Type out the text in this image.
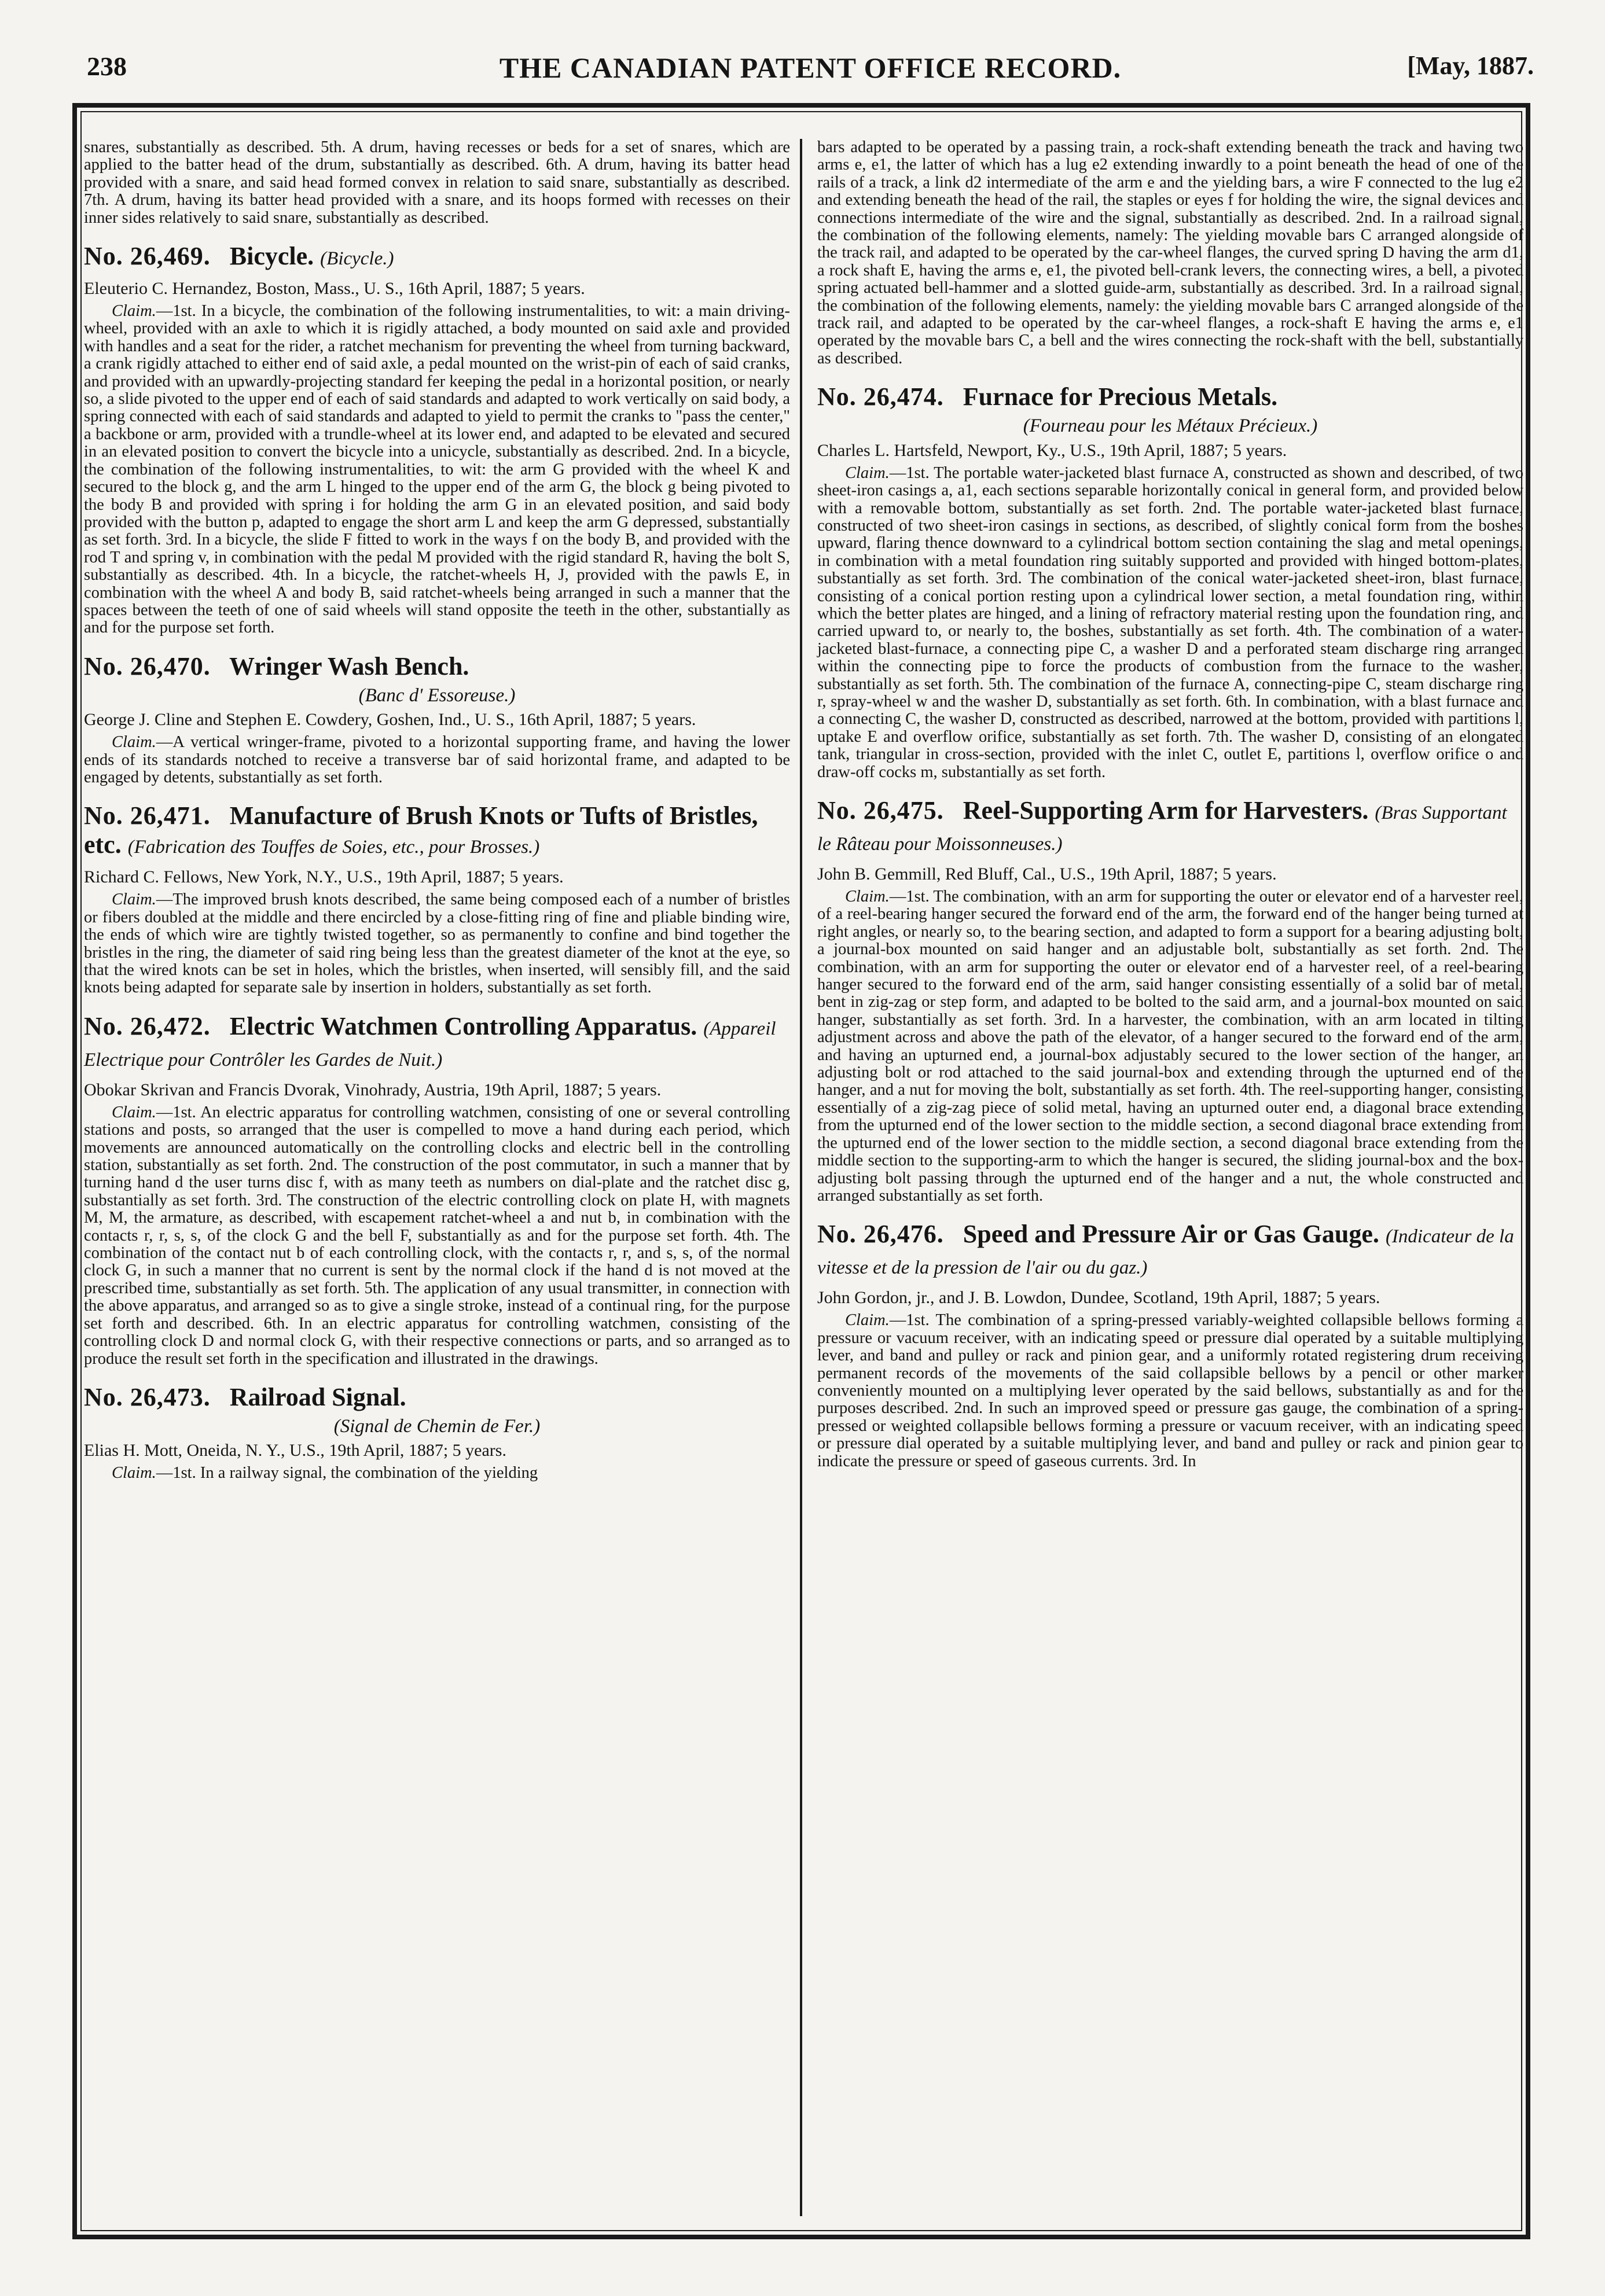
238	THE CANADIAN PATENT OFFICE RECORD.	[May, 1887.

snares, substantially as described. 5th. A drum, having recesses or beds for a set of snares, which are applied to the batter head of the drum, substantially as described. 6th. A drum, having its batter head provided with a snare, and said head formed convex in relation to said snare, substantially as described. 7th. A drum, having its batter head provided with a snare, and its hoops formed with recesses on their inner sides relatively to said snare, substantially as described.

No. 26,469. Bicycle. (Bicycle.)

Eleuterio C. Hernandez, Boston, Mass., U. S., 16th April, 1887; 5 years.

Claim.—1st. In a bicycle, the combination of the following instrumentalities, to wit: a main driving-wheel, provided with an axle to which it is rigidly attached, a body mounted on said axle and provided with handles and a seat for the rider, a ratchet mechanism for preventing the wheel from turning backward, a crank rigidly attached to either end of said axle, a pedal mounted on the wrist-pin of each of said cranks, and provided with an upwardly-projecting standard fer keeping the pedal in a horizontal position, or nearly so, a slide pivoted to the upper end of each of said standards and adapted to work vertically on said body, a spring connected with each of said standards and adapted to yield to permit the cranks to "pass the center," a backbone or arm, provided with a trundle-wheel at its lower end, and adapted to be elevated and secured in an elevated position to convert the bicycle into a unicycle, substantially as described. 2nd. In a bicycle, the combination of the following instrumentalities, to wit: the arm G provided with the wheel K and secured to the block g, and the arm L hinged to the upper end of the arm G, the block g being pivoted to the body B and provided with spring i for holding the arm G in an elevated position, and said body provided with the button p, adapted to engage the short arm L and keep the arm G depressed, substantially as set forth. 3rd. In a bicycle, the slide F fitted to work in the ways f on the body B, and provided with the rod T and spring v, in combination with the pedal M provided with the rigid standard R, having the bolt S, substantially as described. 4th. In a bicycle, the ratchet-wheels H, J, provided with the pawls E, in combination with the wheel A and body B, said ratchet-wheels being arranged in such a manner that the spaces between the teeth of one of said wheels will stand opposite the teeth in the other, substantially as and for the purpose set forth.

No. 26,470. Wringer Wash Bench.
(Banc d' Essoreuse.)

George J. Cline and Stephen E. Cowdery, Goshen, Ind., U. S., 16th April, 1887; 5 years.

Claim.—A vertical wringer-frame, pivoted to a horizontal supporting frame, and having the lower ends of its standards notched to receive a transverse bar of said horizontal frame, and adapted to be engaged by detents, substantially as set forth.

No. 26,471. Manufacture of Brush Knots or Tufts of Bristles, etc. (Fabrication des Touffes de Soies, etc., pour Brosses.)

Richard C. Fellows, New York, N.Y., U.S., 19th April, 1887; 5 years.

Claim.—The improved brush knots described, the same being composed each of a number of bristles or fibers doubled at the middle and there encircled by a close-fitting ring of fine and pliable binding wire, the ends of which wire are tightly twisted together, so as permanently to confine and bind together the bristles in the ring, the diameter of said ring being less than the greatest diameter of the knot at the eye, so that the wired knots can be set in holes, which the bristles, when inserted, will sensibly fill, and the said knots being adapted for separate sale by insertion in holders, substantially as set forth.

No. 26,472. Electric Watchmen Controlling Apparatus. (Appareil Electrique pour Contrôler les Gardes de Nuit.)

Obokar Skrivan and Francis Dvorak, Vinohrady, Austria, 19th April, 1887; 5 years.

Claim.—1st. An electric apparatus for controlling watchmen, consisting of one or several controlling stations and posts, so arranged that the user is compelled to move a hand during each period, which movements are announced automatically on the controlling clocks and electric bell in the controlling station, substantially as set forth. 2nd. The construction of the post commutator, in such a manner that by turning hand d the user turns disc f, with as many teeth as numbers on dial-plate and the ratchet disc g, substantially as set forth. 3rd. The construction of the electric controlling clock on plate H, with magnets M, M, the armature, as described, with escapement ratchet-wheel a and nut b, in combination with the contacts r, r, s, s, of the clock G and the bell F, substantially as and for the purpose set forth. 4th. The combination of the contact nut b of each controlling clock, with the contacts r, r, and s, s, of the normal clock G, in such a manner that no current is sent by the normal clock if the hand d is not moved at the prescribed time, substantially as set forth. 5th. The application of any usual transmitter, in connection with the above apparatus, and arranged so as to give a single stroke, instead of a continual ring, for the purpose set forth and described. 6th. In an electric apparatus for controlling watchmen, consisting of the controlling clock D and normal clock G, with their respective connections or parts, and so arranged as to produce the result set forth in the specification and illustrated in the drawings.

No. 26,473. Railroad Signal.
(Signal de Chemin de Fer.)

Elias H. Mott, Oneida, N. Y., U.S., 19th April, 1887; 5 years.

Claim.—1st. In a railway signal, the combination of the yielding

bars adapted to be operated by a passing train, a rock-shaft extending beneath the track and having two arms e, e1, the latter of which has a lug e2 extending inwardly to a point beneath the head of one of the rails of a track, a link d2 intermediate of the arm e and the yielding bars, a wire F connected to the lug e2 and extending beneath the head of the rail, the staples or eyes f for holding the wire, the signal devices and connections intermediate of the wire and the signal, substantially as described. 2nd. In a railroad signal, the combination of the following elements, namely: The yielding movable bars C arranged alongside of the track rail, and adapted to be operated by the car-wheel flanges, the curved spring D having the arm d1, a rock shaft E, having the arms e, e1, the pivoted bell-crank levers, the connecting wires, a bell, a pivoted spring actuated bell-hammer and a slotted guide-arm, substantially as described. 3rd. In a railroad signal, the combination of the following elements, namely: the yielding movable bars C arranged alongside of the track rail, and adapted to be operated by the car-wheel flanges, a rock-shaft E having the arms e, e1 operated by the movable bars C, a bell and the wires connecting the rock-shaft with the bell, substantially as described.

No. 26,474. Furnace for Precious Metals.
(Fourneau pour les Métaux Précieux.)

Charles L. Hartsfeld, Newport, Ky., U.S., 19th April, 1887; 5 years.

Claim.—1st. The portable water-jacketed blast furnace A, constructed as shown and described, of two sheet-iron casings a, a1, each sections separable horizontally conical in general form, and provided below with a removable bottom, substantially as set forth. 2nd. The portable water-jacketed blast furnace, constructed of two sheet-iron casings in sections, as described, of slightly conical form from the boshes upward, flaring thence downward to a cylindrical bottom section containing the slag and metal openings, in combination with a metal foundation ring suitably supported and provided with hinged bottom-plates, substantially as set forth. 3rd. The combination of the conical water-jacketed sheet-iron, blast furnace, consisting of a conical portion resting upon a cylindrical lower section, a metal foundation ring, within which the better plates are hinged, and a lining of refractory material resting upon the foundation ring, and carried upward to, or nearly to, the boshes, substantially as set forth. 4th. The combination of a water-jacketed blast-furnace, a connecting pipe C, a washer D and a perforated steam discharge ring arranged within the connecting pipe to force the products of combustion from the furnace to the washer, substantially as set forth. 5th. The combination of the furnace A, connecting-pipe C, steam discharge ring r, spray-wheel w and the washer D, substantially as set forth. 6th. In combination, with a blast furnace and a connecting C, the washer D, constructed as described, narrowed at the bottom, provided with partitions l, uptake E and overflow orifice, substantially as set forth. 7th. The washer D, consisting of an elongated tank, triangular in cross-section, provided with the inlet C, outlet E, partitions l, overflow orifice o and draw-off cocks m, substantially as set forth.

No. 26,475. Reel-Supporting Arm for Harvesters. (Bras Supportant le Râteau pour Moissonneuses.)

John B. Gemmill, Red Bluff, Cal., U.S., 19th April, 1887; 5 years.

Claim.—1st. The combination, with an arm for supporting the outer or elevator end of a harvester reel, of a reel-bearing hanger secured the forward end of the arm, the forward end of the hanger being turned at right angles, or nearly so, to the bearing section, and adapted to form a support for a bearing adjusting bolt, a journal-box mounted on said hanger and an adjustable bolt, substantially as set forth. 2nd. The combination, with an arm for supporting the outer or elevator end of a harvester reel, of a reel-bearing hanger secured to the forward end of the arm, said hanger consisting essentially of a solid bar of metal, bent in zig-zag or step form, and adapted to be bolted to the said arm, and a journal-box mounted on said hanger, substantially as set forth. 3rd. In a harvester, the combination, with an arm located in tilting adjustment across and above the path of the elevator, of a hanger secured to the forward end of the arm, and having an upturned end, a journal-box adjustably secured to the lower section of the hanger, an adjusting bolt or rod attached to the said journal-box and extending through the upturned end of the hanger, and a nut for moving the bolt, substantially as set forth. 4th. The reel-supporting hanger, consisting essentially of a zig-zag piece of solid metal, having an upturned outer end, a diagonal brace extending from the upturned end of the lower section to the middle section, a second diagonal brace extending from the upturned end of the lower section to the middle section, a second diagonal brace extending from the middle section to the supporting-arm to which the hanger is secured, the sliding journal-box and the box-adjusting bolt passing through the upturned end of the hanger and a nut, the whole constructed and arranged substantially as set forth.

No. 26,476. Speed and Pressure Air or Gas Gauge. (Indicateur de la vitesse et de la pression de l'air ou du gaz.)

John Gordon, jr., and J. B. Lowdon, Dundee, Scotland, 19th April, 1887; 5 years.

Claim.—1st. The combination of a spring-pressed variably-weighted collapsible bellows forming a pressure or vacuum receiver, with an indicating speed or pressure dial operated by a suitable multiplying lever, and band and pulley or rack and pinion gear, and a uniformly rotated registering drum receiving permanent records of the movements of the said collapsible bellows by a pencil or other marker conveniently mounted on a multiplying lever operated by the said bellows, substantially as and for the purposes described. 2nd. In such an improved speed or pressure gas gauge, the combination of a spring-pressed or weighted collapsible bellows forming a pressure or vacuum receiver, with an indicating speed or pressure dial operated by a suitable multiplying lever, and band and pulley or rack and pinion gear to indicate the pressure or speed of gaseous currents. 3rd. In
